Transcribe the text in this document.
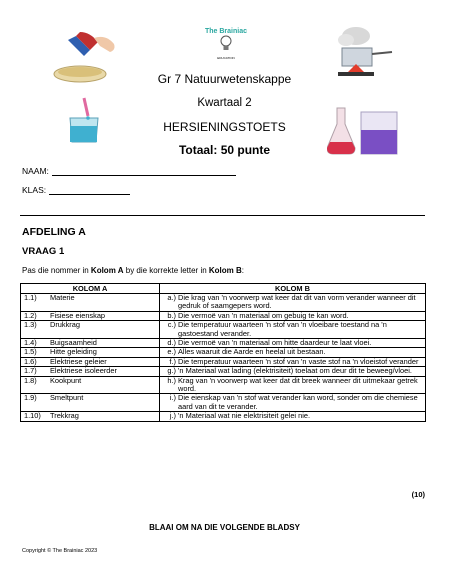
The Brainiac
EDUCATION
Gr 7 Natuurwetenskappe
Kwartaal 2
HERSIENINGSTOETS
Totaal: 50 punte
NAAM:
KLAS:
AFDELING A
VRAAG 1
Pas die nommer in Kolom A by die korrekte letter in Kolom B:
KOLOM A		KOLOM B	
1.1)	Materie	a.)	Die krag van 'n voorwerp wat keer dat dit van vorm verander wanneer dit gedruk of saamgepers word.
1.2)	Fisiese eienskap	b.)	Die vermoë van 'n materiaal om gebuig te kan word.
1.3)	Drukkrag	c.)	Die temperatuur waarteen 'n stof van 'n vloeibare toestand na 'n gastoestand verander.
1.4)	Buigsaamheid	d.)	Die vermoë van 'n materiaal om hitte daardeur te laat vloei.
1.5)	Hitte geleiding	e.)	Alles waaruit die Aarde en heelal uit bestaan.
1.6)	Elektriese geleier	f.)	Die temperatuur waarteen 'n stof van 'n vaste stof na 'n vloeistof verander
1.7)	Elektriese isoleerder	g.)	'n Materiaal wat lading (elektrisiteit) toelaat om deur dit te beweeg/vloei.
1.8)	Kookpunt	h.)	Krag van 'n voorwerp wat keer dat dit breek wanneer dit uitmekaar getrek word.
1.9)	Smeltpunt	i.)	Die eienskap van 'n stof wat verander kan word, sonder om die chemiese aard van dit te verander.
1.10)	Trekkrag	j.)	'n Materiaal wat nie elektrisiteit gelei nie.
(10)
BLAAI OM NA DIE VOLGENDE BLADSY
Copyright © The Brainiac 2023
